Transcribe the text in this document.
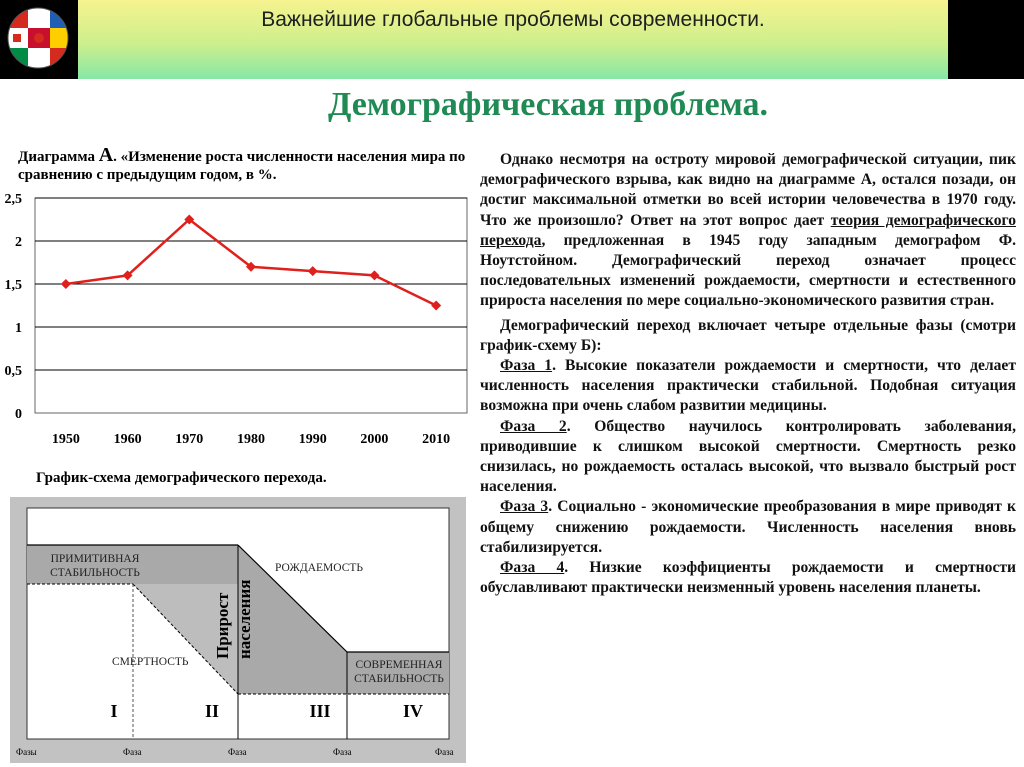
Важнейшие глобальные проблемы современности.
Демографическая проблема.
Диаграмма А. «Изменение роста численности населения мира по сравнению с предыдущим годом, в %.
0
0,5
1
1,5
2
2,5
1950 1960 1970 1980 1990 2000 2010
График-схема демографического перехода.
ПРИМИТИВНАЯ
СТАБИЛЬНОСТЬ	РОЖДАЕМОСТЬ
СМЕРТНОСТЬ	СОВРЕМЕННАЯ
СТАБИЛЬНОСТЬ
Прирост населения
I	II	III	IV
Фазы	Фаза	Фаза	Фаза	Фаза

Однако несмотря на остроту мировой демографической ситуации, пик демографического взрыва, как видно на диаграмме А, остался позади, он достиг максимальной отметки во всей истории человечества в 1970 году. Что же произошло? Ответ на этот вопрос дает теория демографического перехода, предложенная в 1945 году западным демографом Ф. Ноутстойном. Демографический переход означает процесс последовательных изменений рождаемости, смертности и естественного прироста населения по мере социально-экономического развития стран.

Демографический переход включает четыре отдельные фазы (смотри график-схему Б):

Фаза 1. Высокие показатели рождаемости и смертности, что делает численность населения практически стабильной. Подобная ситуация возможна при очень слабом развитии медицины.

Фаза 2. Общество научилось контролировать заболевания, приводившие к слишком высокой смертности. Смертность резко снизилась, но рождаемость осталась высокой, что вызвало быстрый рост населения.

Фаза 3. Социально - экономические преобразования в мире приводят к общему снижению рождаемости. Численность населения вновь стабилизируется.

Фаза 4. Низкие коэффициенты рождаемости и смертности обуславливают практически неизменный уровень населения планеты.
